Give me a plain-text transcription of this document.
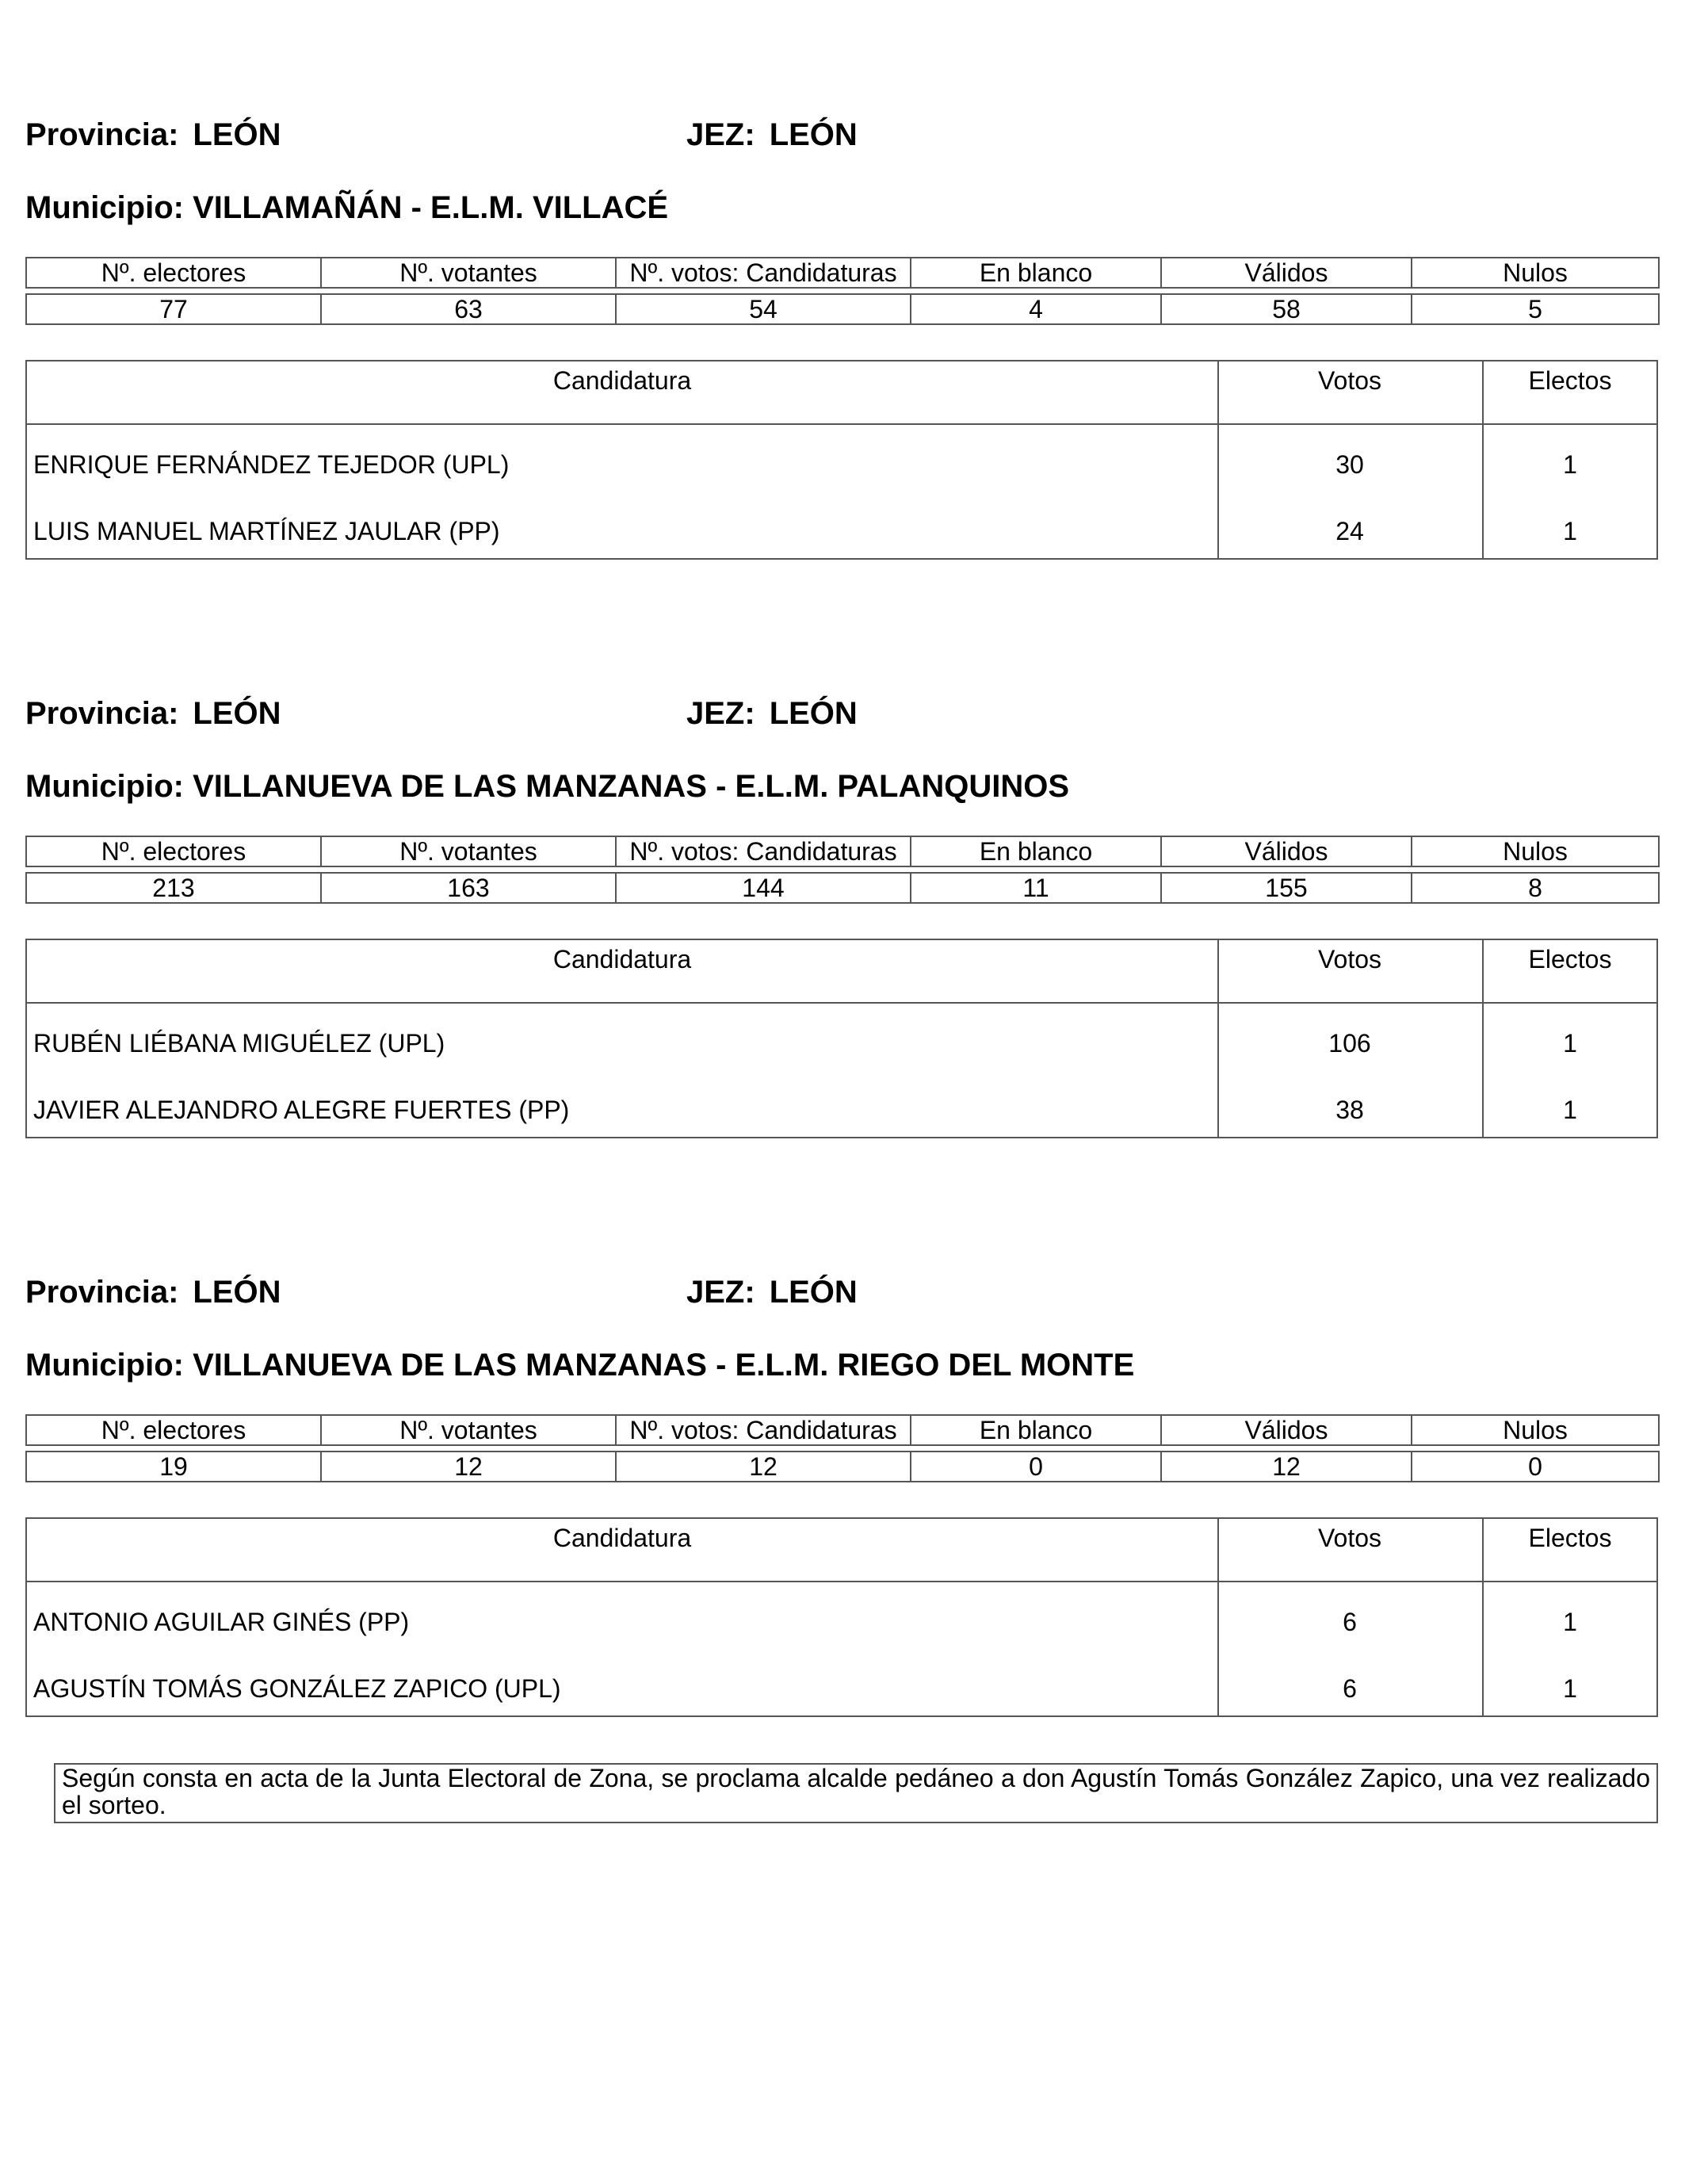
Provincia: LEÓN	JEZ: LEÓN
Municipio: VILLAMAÑÁN - E.L.M. VILLACÉ
Nº. electores	Nº. votantes	Nº. votos: Candidaturas	En blanco	Válidos	Nulos

77	63	54	4	58	5
Candidatura	Votos	Electos
ENRIQUE FERNÁNDEZ TEJEDOR (UPL)	30	1
LUIS MANUEL MARTÍNEZ JAULAR (PP)	24	1
Provincia: LEÓN	JEZ: LEÓN
Municipio: VILLANUEVA DE LAS MANZANAS - E.L.M. PALANQUINOS
Nº. electores	Nº. votantes	Nº. votos: Candidaturas	En blanco	Válidos	Nulos

213	163	144	11	155	8
Candidatura	Votos	Electos
RUBÉN LIÉBANA MIGUÉLEZ (UPL)	106	1
JAVIER ALEJANDRO ALEGRE FUERTES (PP)	38	1
Provincia: LEÓN	JEZ: LEÓN
Municipio: VILLANUEVA DE LAS MANZANAS - E.L.M. RIEGO DEL MONTE
Nº. electores	Nº. votantes	Nº. votos: Candidaturas	En blanco	Válidos	Nulos

19	12	12	0	12	0
Candidatura	Votos	Electos
ANTONIO AGUILAR GINÉS (PP)	6	1
AGUSTÍN TOMÁS GONZÁLEZ ZAPICO (UPL)	6	1
Según consta en acta de la Junta Electoral de Zona, se proclama alcalde pedáneo a don Agustín Tomás González Zapico, una vez realizado el sorteo.
